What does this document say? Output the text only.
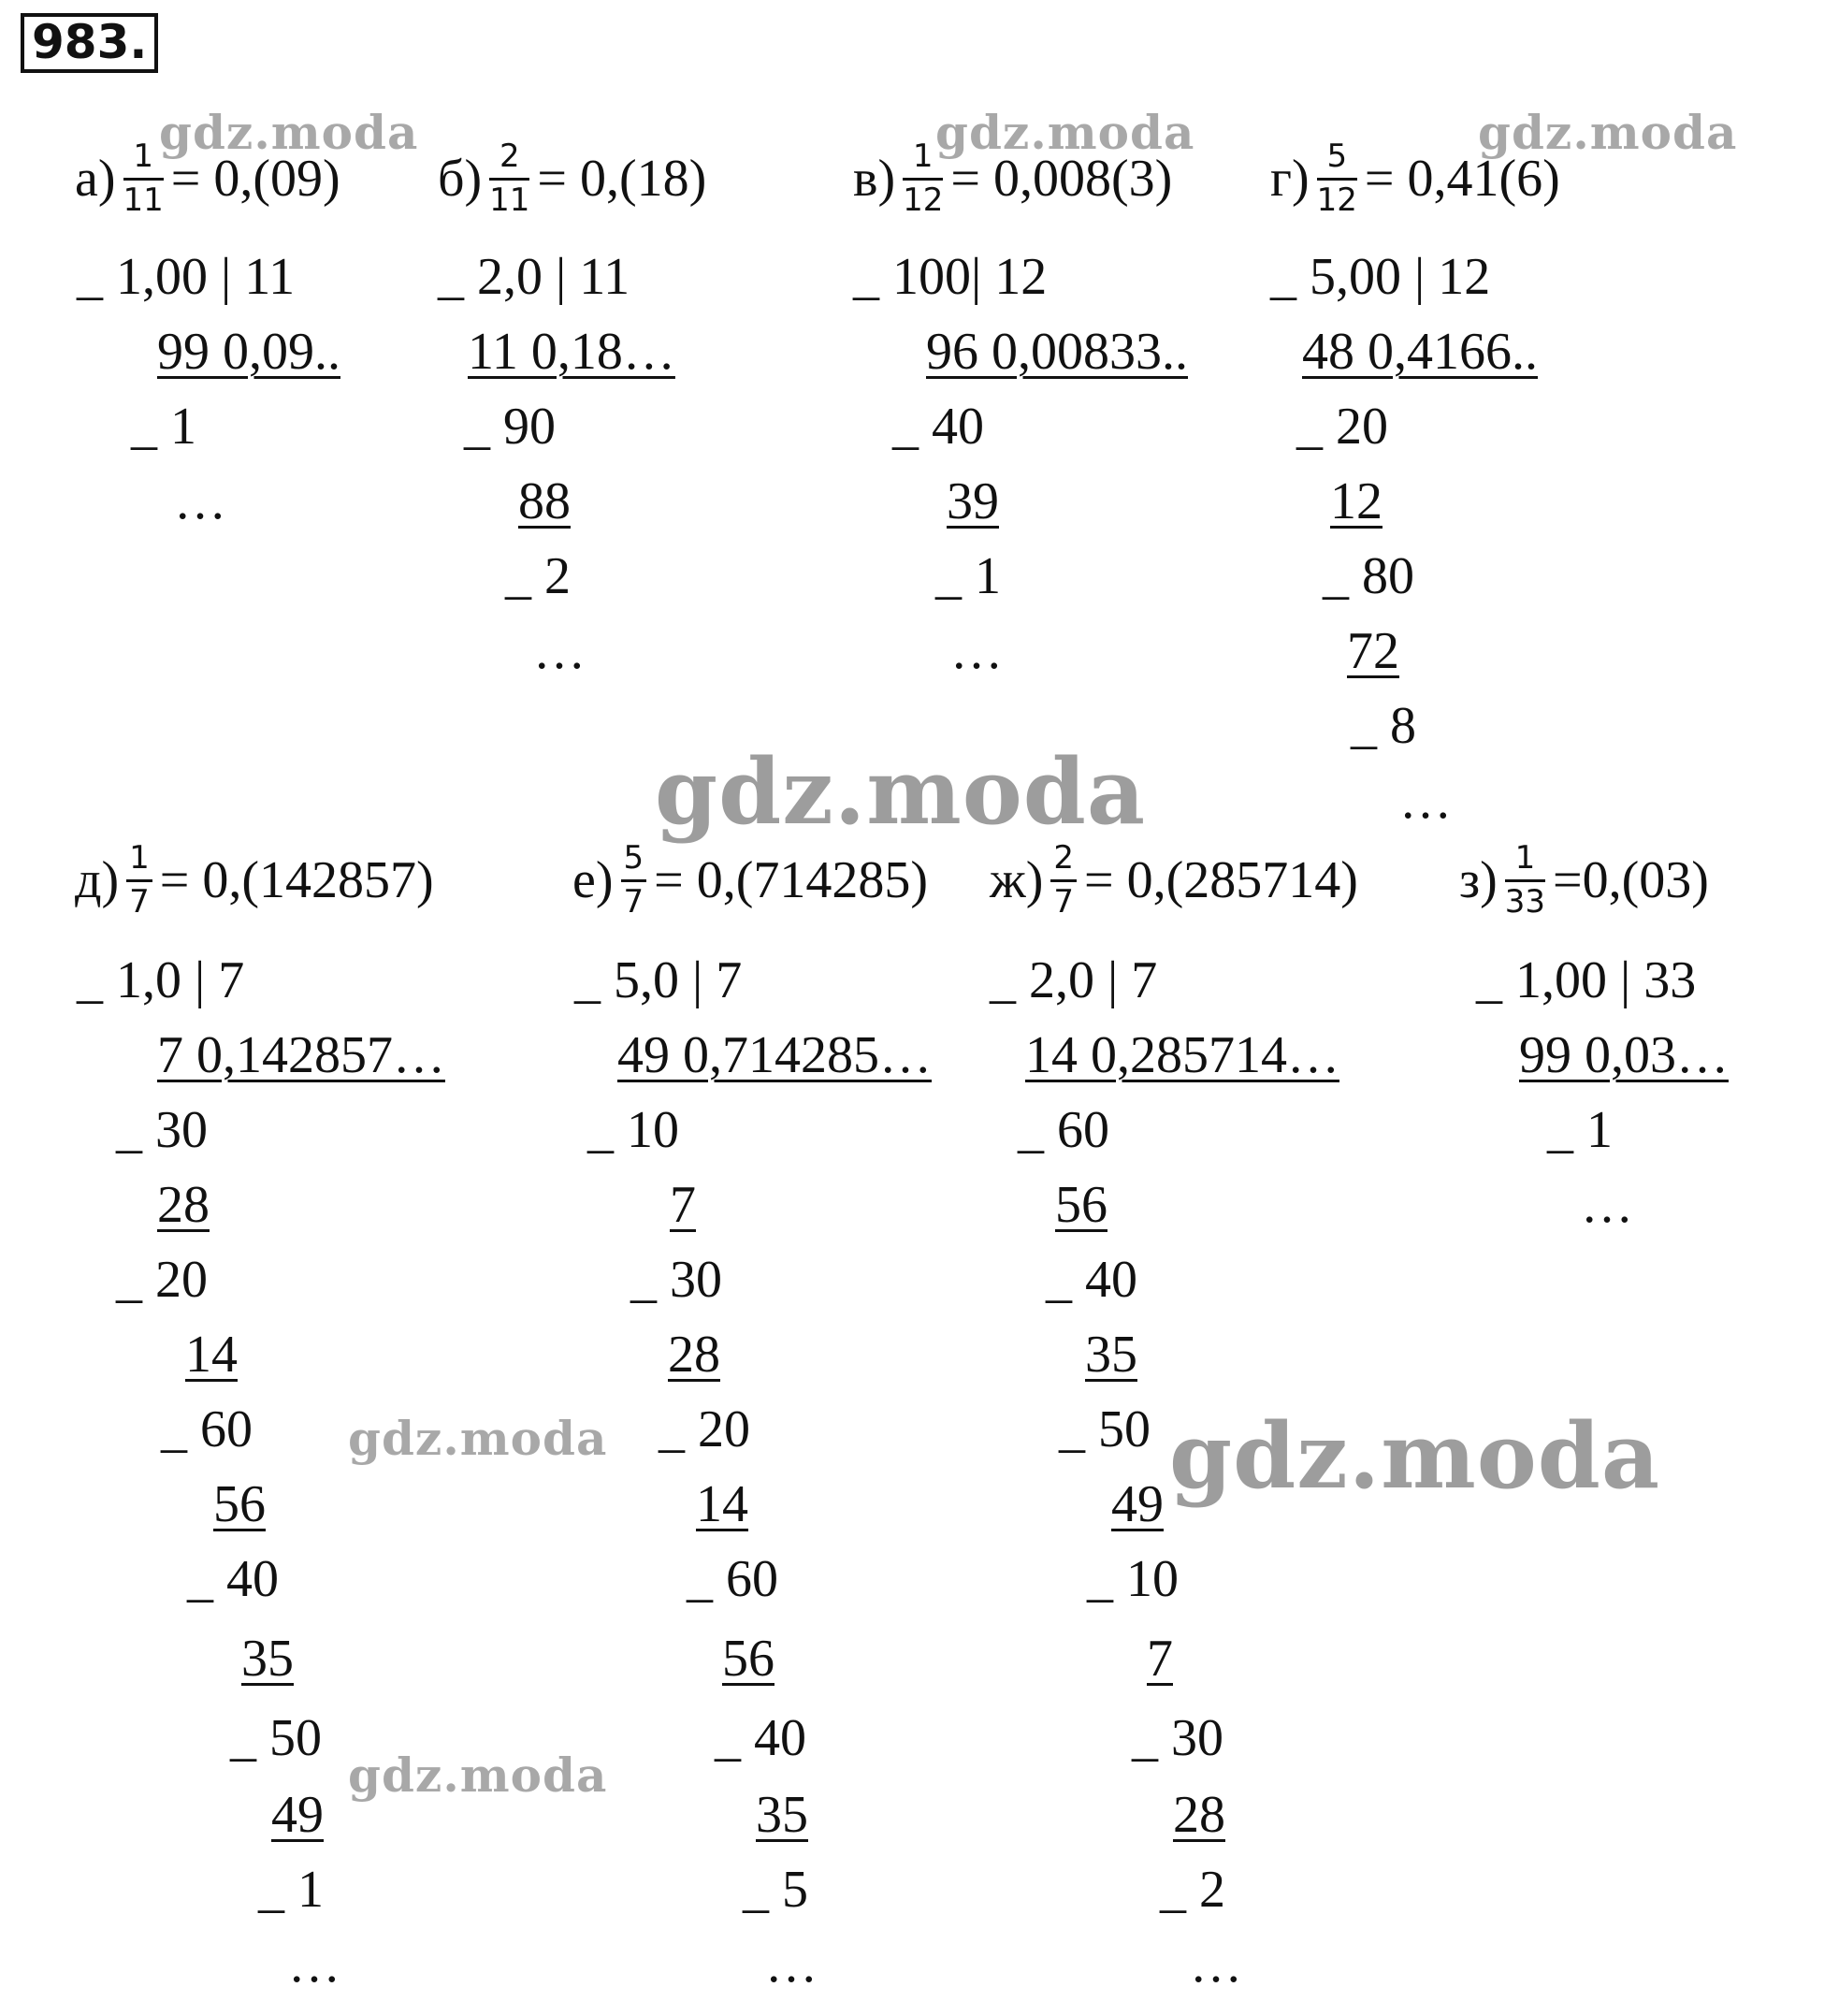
983.
gdz.moda	gdz.moda	gdz.moda
gdz.moda
gdz.moda	gdz.moda
gdz.moda
$а) \frac{1}{11} = 0,(09)$
_ 1,00 | 11
99 0,09..
_ 1
…
$б) \frac{2}{11} = 0,(18)$
_ 2,0 | 11
11 0,18…
_ 90
88
_ 2
…
$в) \frac{1}{12} = 0,008(3)$
_ 100| 12
96 0,00833..
_ 40
39
_ 1
…
$г) \frac{5}{12} = 0,41(6)$
_ 5,00 | 12
48 0,4166..
_ 20
12
_ 80
72
_ 8
…
$д) \frac{1}{7} = 0,(142857)$
_ 1,0 | 7
7 0,142857…
_ 30
28
_ 20
14
_ 60
56
_ 40
35
_ 50
49
_ 1
…
$е) \frac{5}{7} = 0,(714285)$
_ 5,0 | 7
49 0,714285…
_ 10
7
_ 30
28
_ 20
14
_ 60
56
_ 40
35
_ 5
…
$ж) \frac{2}{7} = 0,(285714)$
_ 2,0 | 7
14 0,285714…
_ 60
56
_ 40
35
_ 50
49
_ 10
7
_ 30
28
_ 2
…
$з) \frac{1}{33} =0,(03)$
_ 1,00 | 33
99 0,03…
_ 1
…
